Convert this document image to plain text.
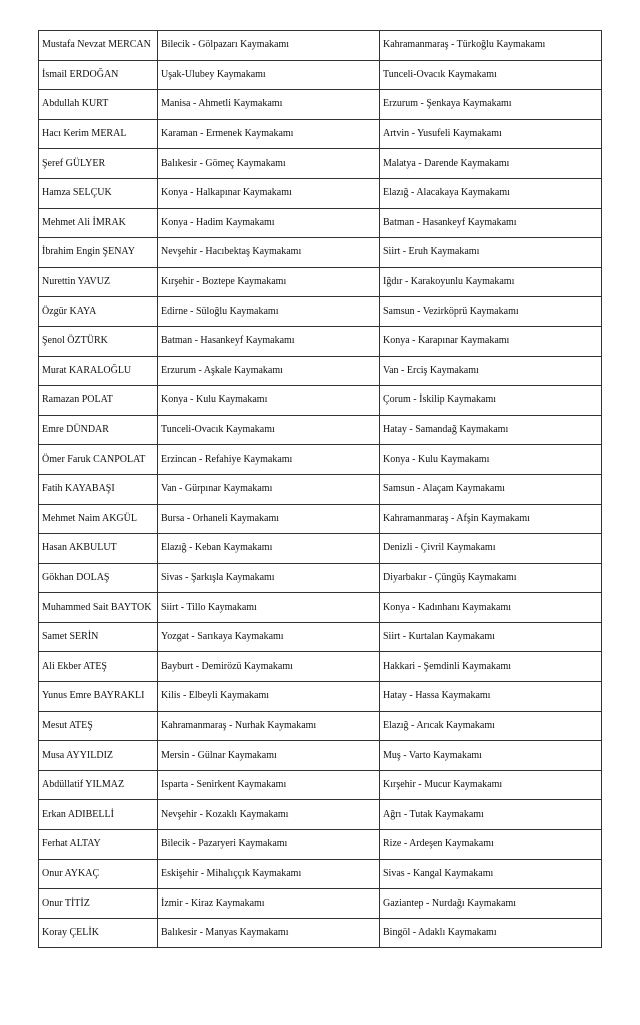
Mustafa Nevzat MERCAN	Bilecik - Gölpazarı Kaymakamı	Kahramanmaraş - Türkoğlu Kaymakamı
İsmail ERDOĞAN	Uşak-Ulubey Kaymakamı	Tunceli-Ovacık Kaymakamı
Abdullah KURT	Manisa - Ahmetli Kaymakamı	Erzurum - Şenkaya Kaymakamı
Hacı Kerim MERAL	Karaman - Ermenek Kaymakamı	Artvin - Yusufeli Kaymakamı
Şeref GÜLYER	Balıkesir - Gömeç Kaymakamı	Malatya - Darende Kaymakamı
Hamza SELÇUK	Konya - Halkapınar Kaymakamı	Elazığ - Alacakaya Kaymakamı
Mehmet Ali İMRAK	Konya - Hadim Kaymakamı	Batman - Hasankeyf Kaymakamı
İbrahim Engin ŞENAY	Nevşehir - Hacıbektaş Kaymakamı	Siirt - Eruh Kaymakamı
Nurettin YAVUZ	Kırşehir - Boztepe Kaymakamı	Iğdır - Karakoyunlu Kaymakamı
Özgür KAYA	Edirne - Süloğlu Kaymakamı	Samsun - Vezirköprü Kaymakamı
Şenol ÖZTÜRK	Batman - Hasankeyf Kaymakamı	Konya - Karapınar Kaymakamı
Murat KARALOĞLU	Erzurum - Aşkale Kaymakamı	Van - Erciş Kaymakamı
Ramazan POLAT	Konya - Kulu Kaymakamı	Çorum - İskilip Kaymakamı
Emre DÜNDAR	Tunceli-Ovacık Kaymakamı	Hatay - Samandağ Kaymakamı
Ömer Faruk CANPOLAT	Erzincan - Refahiye Kaymakamı	Konya - Kulu Kaymakamı
Fatih KAYABAŞI	Van - Gürpınar Kaymakamı	Samsun - Alaçam Kaymakamı
Mehmet Naim AKGÜL	Bursa - Orhaneli Kaymakamı	Kahramanmaraş - Afşin Kaymakamı
Hasan AKBULUT	Elazığ - Keban Kaymakamı	Denizli - Çivril Kaymakamı
Gökhan DOLAŞ	Sivas - Şarkışla Kaymakamı	Diyarbakır - Çüngüş Kaymakamı
Muhammed Sait BAYTOK	Siirt - Tillo Kaymakamı	Konya - Kadınhanı Kaymakamı
Samet SERİN	Yozgat - Sarıkaya Kaymakamı	Siirt - Kurtalan Kaymakamı
Ali Ekber ATEŞ	Bayburt - Demirözü Kaymakamı	Hakkari - Şemdinli Kaymakamı
Yunus Emre BAYRAKLI	Kilis - Elbeyli Kaymakamı	Hatay - Hassa Kaymakamı
Mesut ATEŞ	Kahramanmaraş - Nurhak Kaymakamı	Elazığ - Arıcak Kaymakamı
Musa AYYILDIZ	Mersin - Gülnar Kaymakamı	Muş - Varto Kaymakamı
Abdüllatif YILMAZ	Isparta - Senirkent Kaymakamı	Kırşehir - Mucur Kaymakamı
Erkan ADIBELLİ	Nevşehir - Kozaklı Kaymakamı	Ağrı - Tutak Kaymakamı
Ferhat ALTAY	Bilecik - Pazaryeri Kaymakamı	Rize - Ardeşen Kaymakamı
Onur AYKAÇ	Eskişehir - Mihalıççık Kaymakamı	Sivas - Kangal Kaymakamı
Onur TİTİZ	İzmir - Kiraz Kaymakamı	Gaziantep - Nurdağı Kaymakamı
Koray ÇELİK	Balıkesir - Manyas Kaymakamı	Bingöl - Adaklı Kaymakamı
